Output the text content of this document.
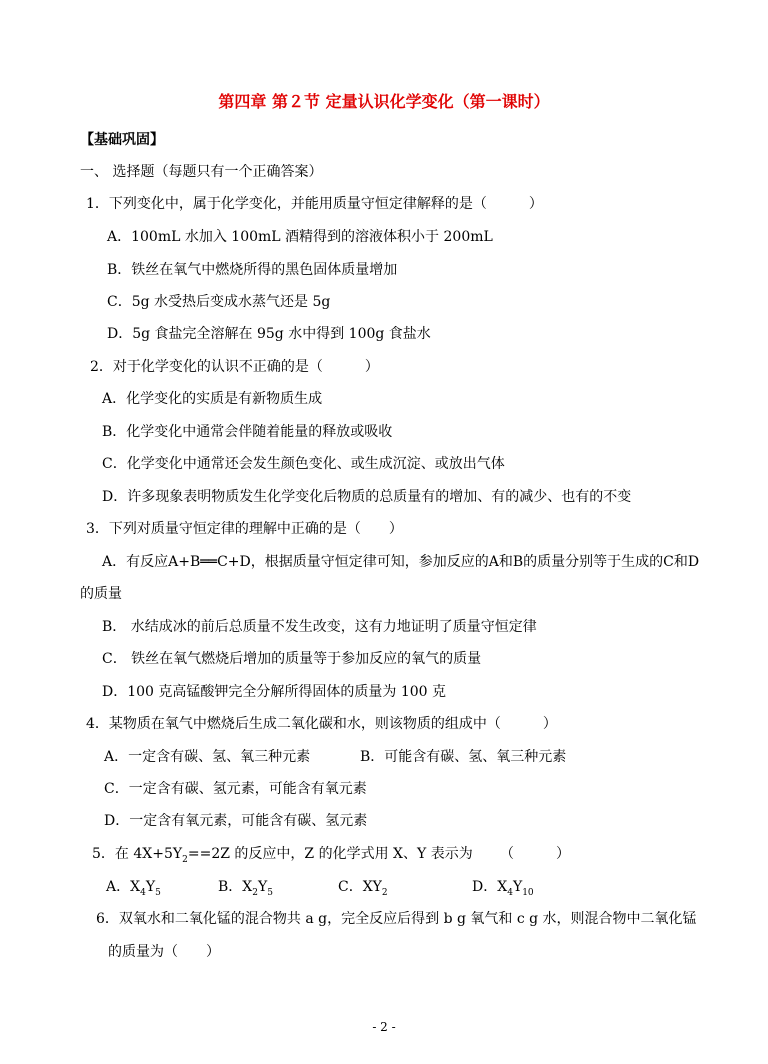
第四章 第２节 定量认识化学变化（第一课时）
【基础巩固】
一、 选择题（每题只有一个正确答案）
1．下列变化中，属于化学变化，并能用质量守恒定律解释的是（　　　）
A．100mL 水加入 100mL 酒精得到的溶液体积小于 200mL
B．铁丝在氧气中燃烧所得的黑色固体质量增加
C．5g 水受热后变成水蒸气还是 5g
D．5g 食盐完全溶解在 95g 水中得到 100g 食盐水
2．对于化学变化的认识不正确的是（　　　）
A．化学变化的实质是有新物质生成
B．化学变化中通常会伴随着能量的释放或吸收
C．化学变化中通常还会发生颜色变化、或生成沉淀、或放出气体
D．许多现象表明物质发生化学变化后物质的总质量有的增加、有的减少、也有的不变
3．下列对质量守恒定律的理解中正确的是（　　）
A．有反应A+B══C+D，根据质量守恒定律可知，参加反应的A和B的质量分别等于生成的C和D
的质量
B． 水结成冰的前后总质量不发生改变，这有力地证明了质量守恒定律
C． 铁丝在氧气燃烧后增加的质量等于参加反应的氧气的质量
D．100 克高锰酸钾完全分解所得固体的质量为 100 克
4．某物质在氧气中燃烧后生成二氧化碳和水，则该物质的组成中（　　　）
A．一定含有碳、氢、氧三种元素	B．可能含有碳、氢、氧三种元素
C．一定含有碳、氢元素，可能含有氧元素
D．一定含有氧元素，可能含有碳、氢元素
5．在 $4X+5Y_2==2Z$ 的反应中，Z 的化学式用 X、Y 表示为 （　　　）
A．$X_4Y_5$	B．$X_2Y_5$	C．$XY_2$	D．$X_4Y_{10}$
6．双氧水和二氧化锰的混合物共 a g，完全反应后得到 b g 氧气和 c g 水，则混合物中二氧化锰
的质量为（　　）
- 2 -
